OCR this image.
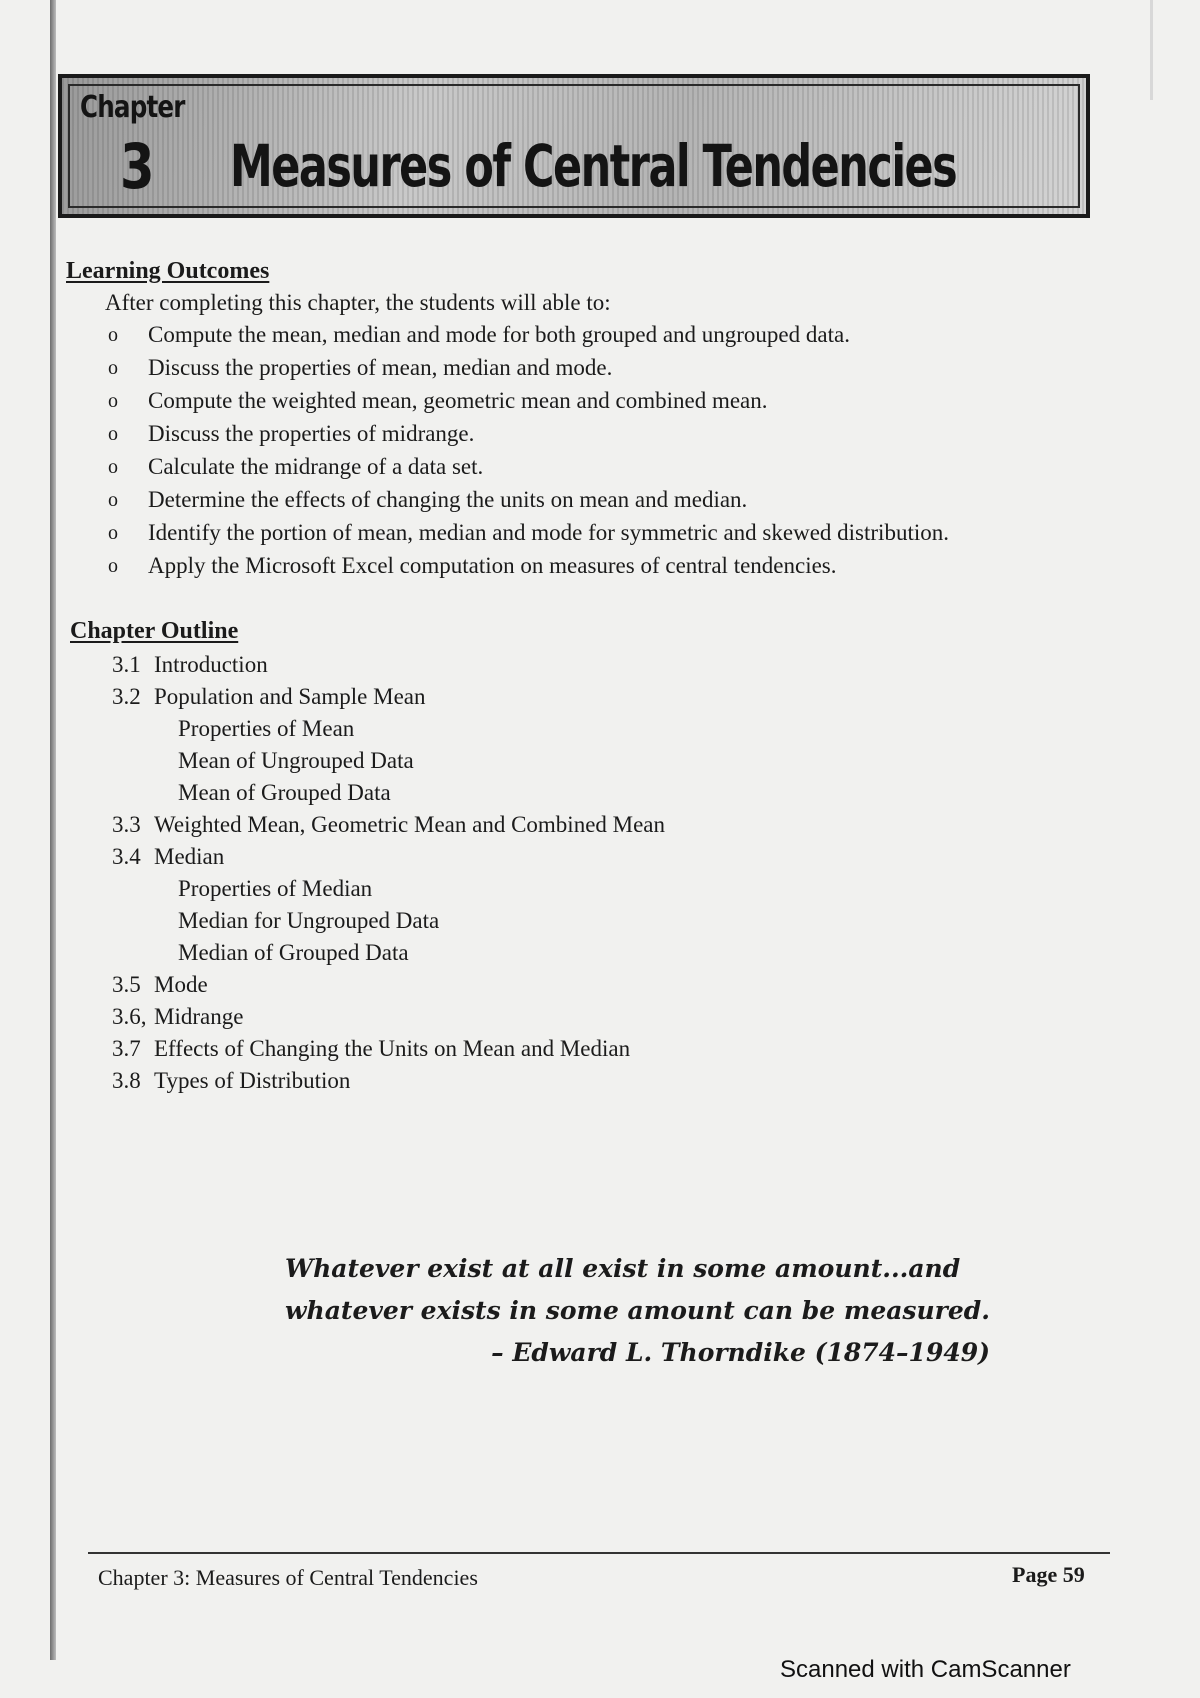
Chapter
3 Measures of Central Tendencies
Learning Outcomes
After completing this chapter, the students will able to:
o Compute the mean, median and mode for both grouped and ungrouped data.
o Discuss the properties of mean, median and mode.
o Compute the weighted mean, geometric mean and combined mean.
o Discuss the properties of midrange.
o Calculate the midrange of a data set.
o Determine the effects of changing the units on mean and median.
o Identify the portion of mean, median and mode for symmetric and skewed distribution.
o Apply the Microsoft Excel computation on measures of central tendencies.
Chapter Outline
3.1 Introduction
3.2 Population and Sample Mean
Properties of Mean
Mean of Ungrouped Data
Mean of Grouped Data
3.3 Weighted Mean, Geometric Mean and Combined Mean
3.4 Median
Properties of Median
Median for Ungrouped Data
Median of Grouped Data
3.5 Mode
3.6, Midrange
3.7 Effects of Changing the Units on Mean and Median
3.8 Types of Distribution
Whatever exist at all exist in some amount...and
whatever exists in some amount can be measured.
– Edward L. Thorndike (1874–1949)
Chapter 3: Measures of Central Tendencies	Page 59
Scanned with CamScanner
